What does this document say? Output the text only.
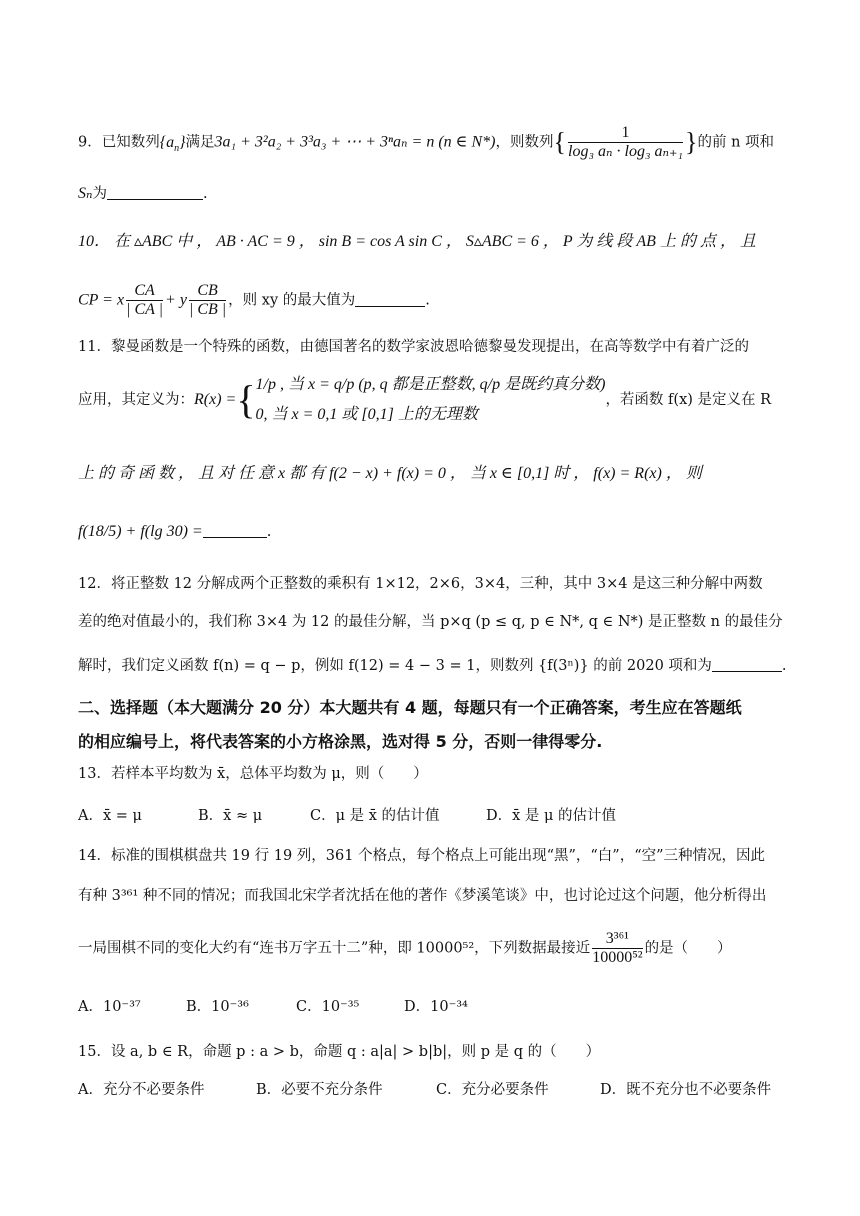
9．已知数列$\{a_n\}$满足3a₁ + 3²a₂ + 3³a₃ + ⋯ + 3ⁿaₙ = n (n ∈ N*)，则数列{ $\frac{1}{\text{log₃ aₙ · log₃ aₙ₊₁}}$ }的前 n 项和
Sₙ为	.
10． 在 ▵ABC 中 ， AB · AC = 9 ， sin B = cos A sin C ， S▵ABC = 6 ， P 为 线 段 AB 上 的 点 ， 且
CP = x $\frac{CA}{| CA |} + y \frac{CB}{| CB |}$ ，则 xy 的最大值为	.
11．黎曼函数是一个特殊的函数，由德国著名的数学家波恩哈德黎曼发现提出，在高等数学中有着广泛的
应用，其定义为：R(x) ={ 1/p , 当 x = q/p (p, q 都是正整数, q/p 是既约真分数)
0, 当 x = 0,1 或 [0,1] 上的无理数
，若函数 f(x) 是定义在 R
上 的 奇 函 数 ， 且 对 任 意 x 都 有 f(2 − x) + f(x) = 0 ， 当 x ∈ [0,1] 时 ， f(x) = R(x) ， 则
f(18/5) + f(lg 30) =	.
12．将正整数 12 分解成两个正整数的乘积有 1×12，2×6，3×4，三种，其中 3×4 是这三种分解中两数
差的绝对值最小的，我们称 3×4 为 12 的最佳分解，当 p×q (p ≤ q, p ∈ N*, q ∈ N*) 是正整数 n 的最佳分
解时，我们定义函数 f(n) = q − p，例如 f(12) = 4 − 3 = 1，则数列 {f(3ⁿ)} 的前 2020 项和为	.
二、选择题（本大题满分 20 分）本大题共有 4 题，每题只有一个正确答案，考生应在答题纸
的相应编号上，将代表答案的小方格涂黑，选对得 5 分，否则一律得零分.
13．若样本平均数为 x̄，总体平均数为 μ，则（　　）
A．x̄ = μ	B．x̄ ≈ μ	C．μ 是 x̄ 的估计值	D．x̄ 是 μ 的估计值
14．标准的围棋棋盘共 19 行 19 列，361 个格点，每个格点上可能出现“黑”，“白”，“空”三种情况，因此
有种 3³⁶¹ 种不同的情况；而我国北宋学者沈括在他的著作《梦溪笔谈》中，也讨论过这个问题，他分析得出
一局围棋不同的变化大约有“连书万字五十二”种，即 10000⁵²，下列数据最接近 $\frac{\text{3³⁶¹}}{\text{10000⁵²}}$ 的是（　　）
A．10⁻³⁷	B．10⁻³⁶	C．10⁻³⁵	D．10⁻³⁴
15．设 a, b ∈ R，命题 p : a > b，命题 q : a|a| > b|b|，则 p 是 q 的（　　）
A．充分不必要条件	B．必要不充分条件	C．充分必要条件	D．既不充分也不必要条件
